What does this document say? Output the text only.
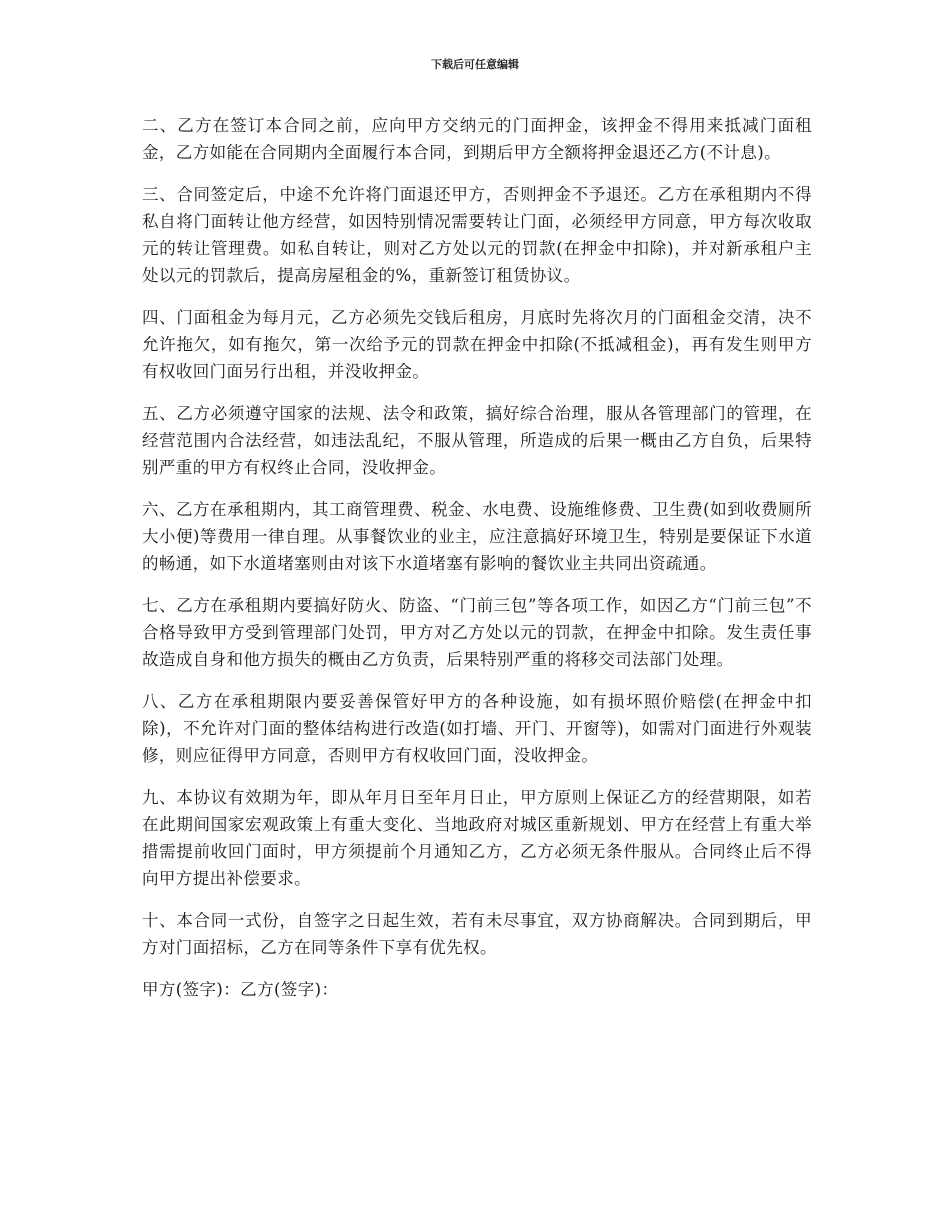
下载后可任意编辑

二、乙方在签订本合同之前，应向甲方交纳元的门面押金，该押金不得用来抵减门面租金，乙方如能在合同期内全面履行本合同，到期后甲方全额将押金退还乙方(不计息)。

三、合同签定后，中途不允许将门面退还甲方，否则押金不予退还。乙方在承租期内不得私自将门面转让他方经营，如因特别情况需要转让门面，必须经甲方同意，甲方每次收取元的转让管理费。如私自转让，则对乙方处以元的罚款(在押金中扣除)，并对新承租户主处以元的罚款后，提高房屋租金的%，重新签订租赁协议。

四、门面租金为每月元，乙方必须先交钱后租房，月底时先将次月的门面租金交清，决不允许拖欠，如有拖欠，第一次给予元的罚款在押金中扣除(不抵减租金)，再有发生则甲方有权收回门面另行出租，并没收押金。

五、乙方必须遵守国家的法规、法令和政策，搞好综合治理，服从各管理部门的管理，在经营范围内合法经营，如违法乱纪，不服从管理，所造成的后果一概由乙方自负，后果特别严重的甲方有权终止合同，没收押金。

六、乙方在承租期内，其工商管理费、税金、水电费、设施维修费、卫生费(如到收费厕所大小便)等费用一律自理。从事餐饮业的业主，应注意搞好环境卫生，特别是要保证下水道的畅通，如下水道堵塞则由对该下水道堵塞有影响的餐饮业主共同出资疏通。

七、乙方在承租期内要搞好防火、防盗、“门前三包”等各项工作，如因乙方“门前三包”不合格导致甲方受到管理部门处罚，甲方对乙方处以元的罚款，在押金中扣除。发生责任事故造成自身和他方损失的概由乙方负责，后果特别严重的将移交司法部门处理。

八、乙方在承租期限内要妥善保管好甲方的各种设施，如有损坏照价赔偿(在押金中扣除)，不允许对门面的整体结构进行改造(如打墙、开门、开窗等)，如需对门面进行外观装修，则应征得甲方同意，否则甲方有权收回门面，没收押金。

九、本协议有效期为年，即从年月日至年月日止，甲方原则上保证乙方的经营期限，如若在此期间国家宏观政策上有重大变化、当地政府对城区重新规划、甲方在经营上有重大举措需提前收回门面时，甲方须提前个月通知乙方，乙方必须无条件服从。合同终止后不得向甲方提出补偿要求。

十、本合同一式份，自签字之日起生效，若有未尽事宜，双方协商解决。合同到期后，甲方对门面招标，乙方在同等条件下享有优先权。

甲方(签字)：乙方(签字)：
